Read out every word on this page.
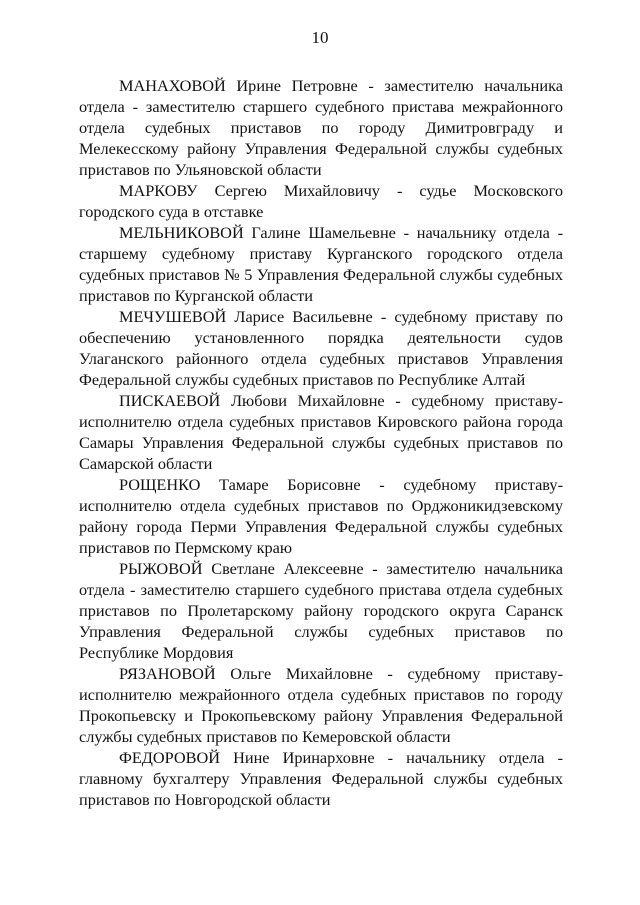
10

МАНАХОВОЙ Ирине Петровне - заместителю начальника отдела - заместителю старшего судебного пристава межрайонного отдела судебных приставов по городу Димитровграду и Мелекесскому району Управления Федеральной службы судебных приставов по Ульяновской области

МАРКОВУ Сергею Михайловичу - судье Московского городского суда в отставке

МЕЛЬНИКОВОЙ Галине Шамельевне - начальнику отдела - старшему судебному приставу Курганского городского отдела судебных приставов № 5 Управления Федеральной службы судебных приставов по Курганской области

МЕЧУШЕВОЙ Ларисе Васильевне - судебному приставу по обеспечению установленного порядка деятельности судов Улаганского районного отдела судебных приставов Управления Федеральной службы судебных приставов по Республике Алтай

ПИСКАЕВОЙ Любови Михайловне - судебному приставу-исполнителю отдела судебных приставов Кировского района города Самары Управления Федеральной службы судебных приставов по Самарской области

РОЩЕНКО Тамаре Борисовне - судебному приставу-исполнителю отдела судебных приставов по Орджоникидзевскому району города Перми Управления Федеральной службы судебных приставов по Пермскому краю

РЫЖОВОЙ Светлане Алексеевне - заместителю начальника отдела - заместителю старшего судебного пристава отдела судебных приставов по Пролетарскому району городского округа Саранск Управления Федеральной службы судебных приставов по Республике Мордовия

РЯЗАНОВОЙ Ольге Михайловне - судебному приставу-исполнителю межрайонного отдела судебных приставов по городу Прокопьевску и Прокопьевскому району Управления Федеральной службы судебных приставов по Кемеровской области

ФЕДОРОВОЙ Нине Иринарховне - начальнику отдела - главному бухгалтеру Управления Федеральной службы судебных приставов по Новгородской области
